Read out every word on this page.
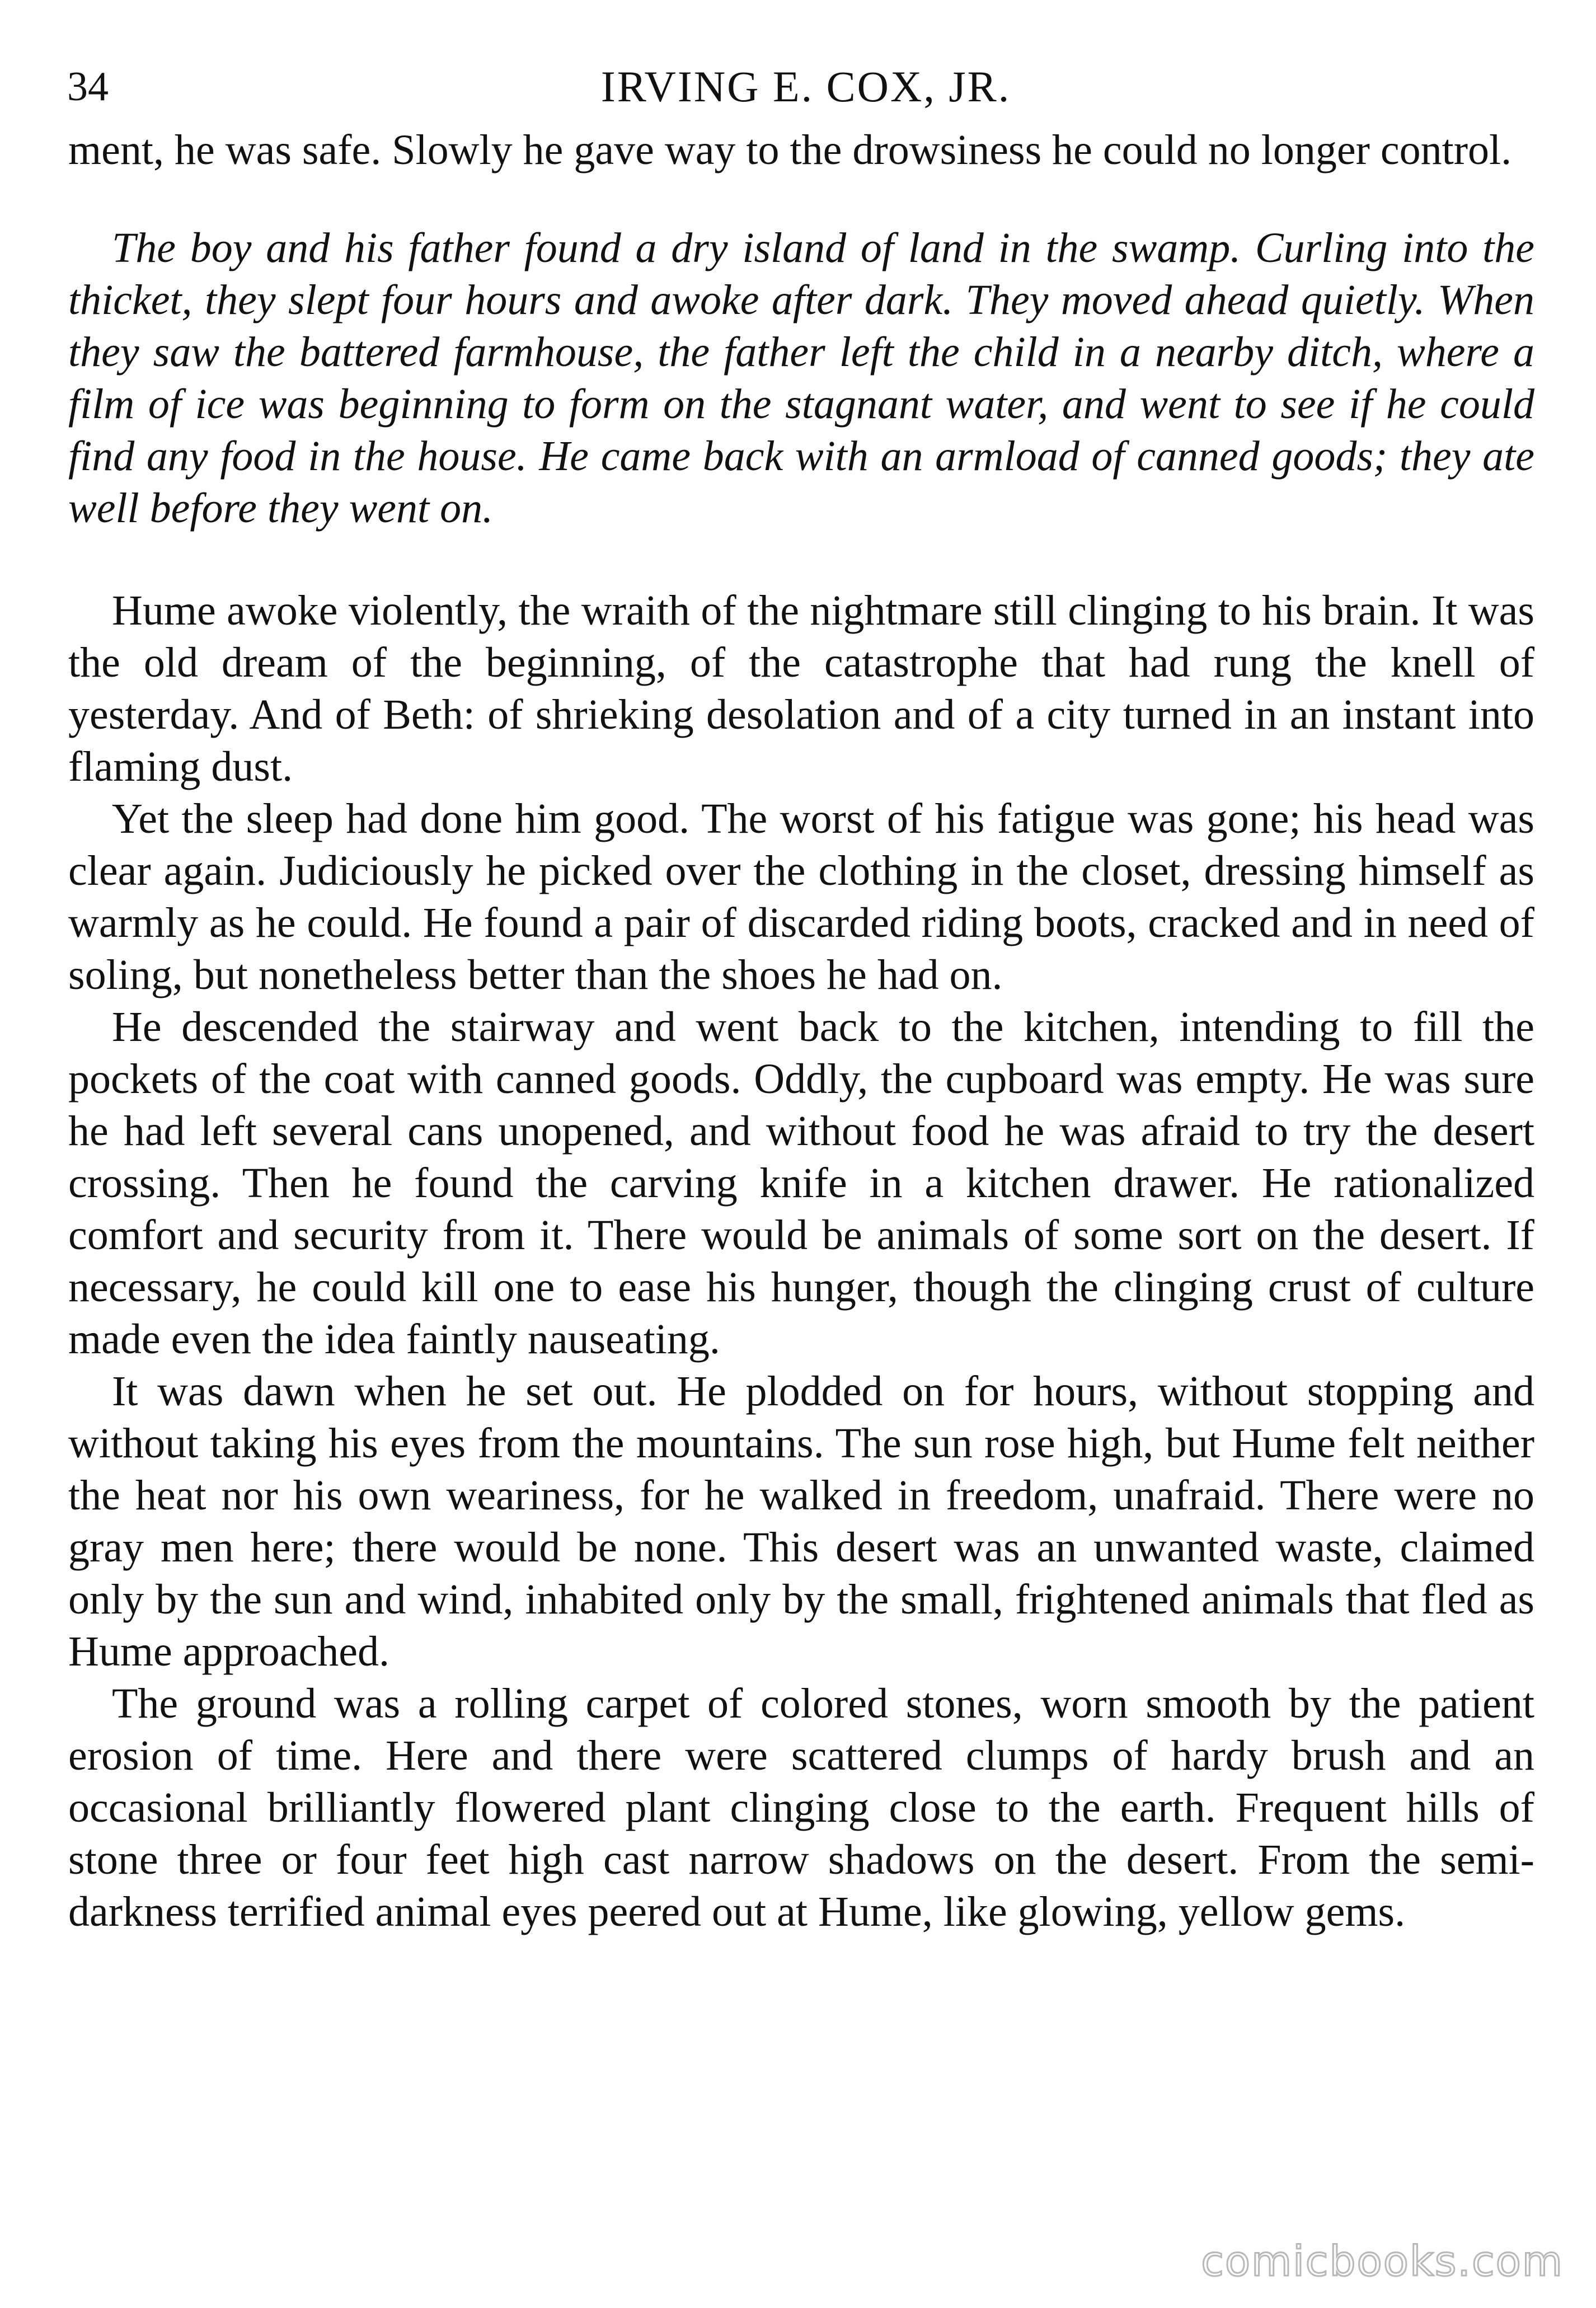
34	IRVING E. COX, JR.

ment, he was safe. Slowly he gave way to the drowsiness he could no longer control.

The boy and his father found a dry island of land in the swamp. Curling into the thicket, they slept four hours and awoke after dark. They moved ahead quietly. When they saw the battered farmhouse, the father left the child in a nearby ditch, where a film of ice was beginning to form on the stagnant water, and went to see if he could find any food in the house. He came back with an armload of canned goods; they ate well before they went on.

Hume awoke violently, the wraith of the nightmare still clinging to his brain. It was the old dream of the beginning, of the catastrophe that had rung the knell of yesterday. And of Beth: of shrieking desolation and of a city turned in an instant into flaming dust.

Yet the sleep had done him good. The worst of his fatigue was gone; his head was clear again. Judiciously he picked over the clothing in the closet, dressing himself as warmly as he could. He found a pair of discarded riding boots, cracked and in need of soling, but nonetheless better than the shoes he had on.

He descended the stairway and went back to the kitchen, intending to fill the pockets of the coat with canned goods. Oddly, the cupboard was empty. He was sure he had left several cans unopened, and without food he was afraid to try the desert crossing. Then he found the carving knife in a kitchen drawer. He rationalized comfort and security from it. There would be animals of some sort on the desert. If necessary, he could kill one to ease his hunger, though the clinging crust of culture made even the idea faintly nauseating.

It was dawn when he set out. He plodded on for hours, without stopping and without taking his eyes from the mountains. The sun rose high, but Hume felt neither the heat nor his own weariness, for he walked in freedom, unafraid. There were no gray men here; there would be none. This desert was an unwanted waste, claimed only by the sun and wind, inhabited only by the small, frightened animals that fled as Hume approached.

The ground was a rolling carpet of colored stones, worn smooth by the patient erosion of time. Here and there were scattered clumps of hardy brush and an occasional brilliantly flowered plant clinging close to the earth. Frequent hills of stone three or four feet high cast narrow shadows on the desert. From the semi-darkness terrified animal eyes peered out at Hume, like glowing, yellow gems.

comicbooks.com
